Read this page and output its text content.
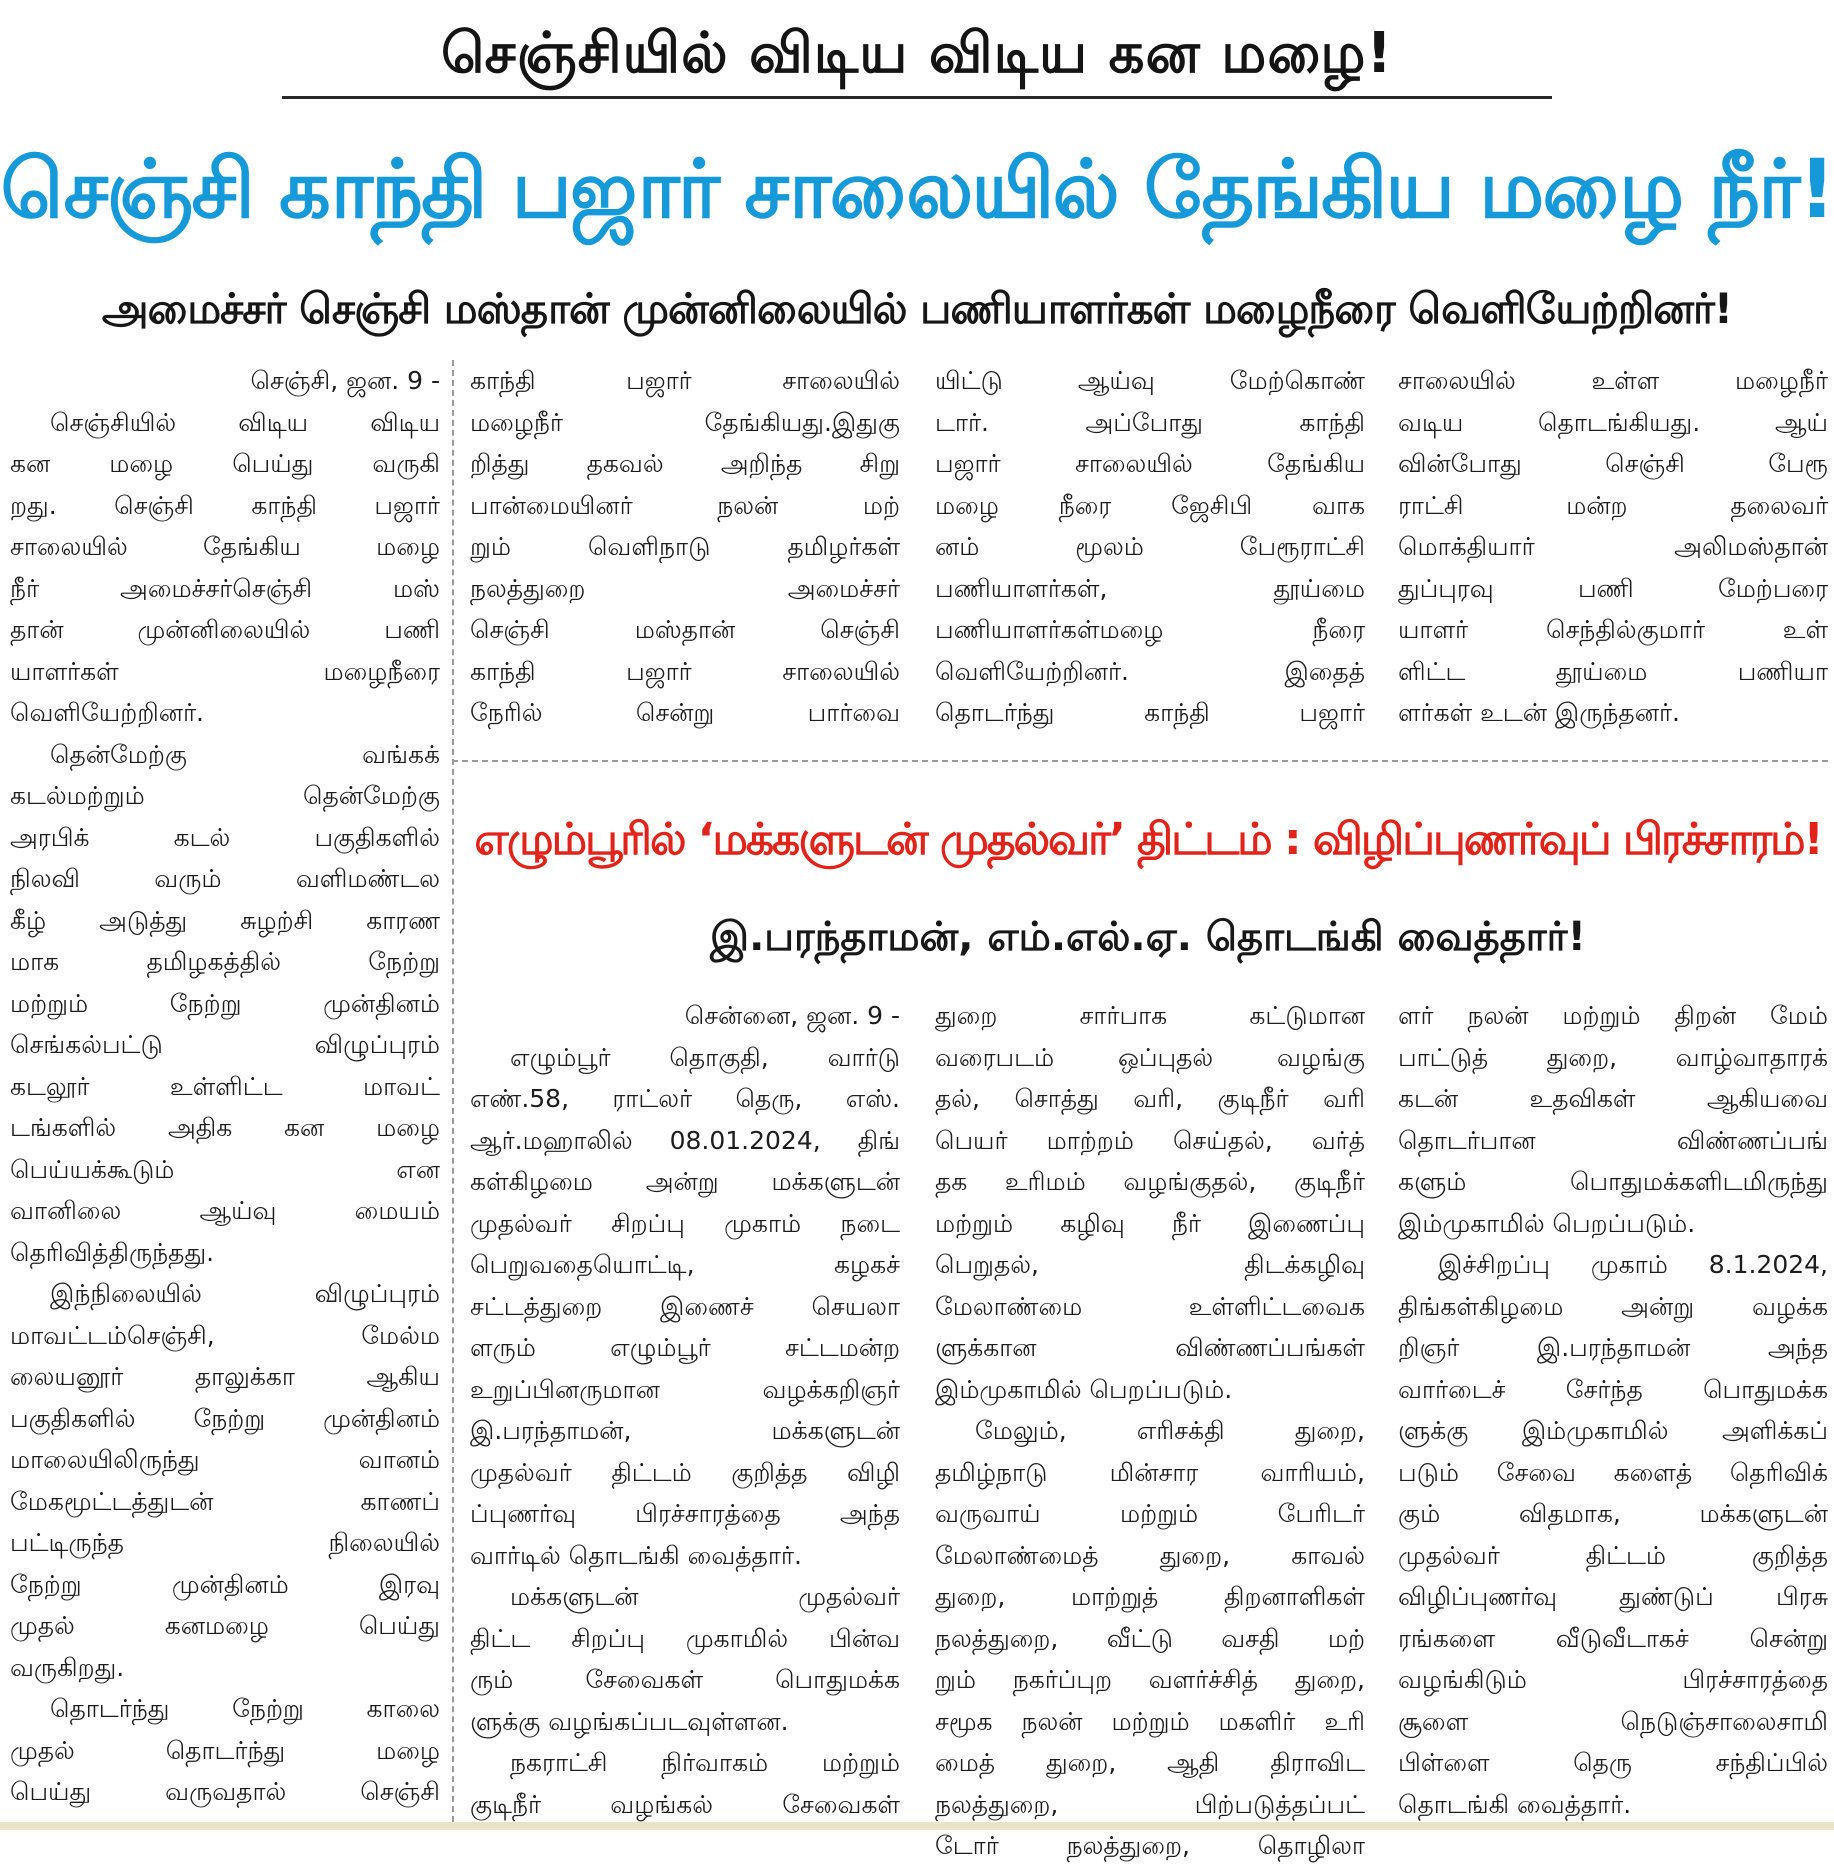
செஞ்சியில் விடிய விடிய கன மழை!
செஞ்சி காந்தி பஜார் சாலையில் தேங்கிய மழை நீர்!
அமைச்சர் செஞ்சி மஸ்தான் முன்னிலையில் பணியாளர்கள் மழைநீரை வெளியேற்றினர்!
செஞ்சி, ஜன. 9 -
செஞ்சியில் விடிய விடிய
கன மழை பெய்து வருகி
றது. செஞ்சி காந்தி பஜார்
சாலையில் தேங்கிய மழை
நீர் அமைச்சர்செஞ்சி மஸ்
தான் முன்னிலையில் பணி
யாளர்கள் மழைநீரை
வெளியேற்றினர்.
தென்மேற்கு வங்கக்
கடல்மற்றும் தென்மேற்கு
அரபிக் கடல் பகுதிகளில்
நிலவி வரும் வளிமண்டல
கீழ் அடுத்து சுழற்சி காரண
மாக தமிழகத்தில் நேற்று
மற்றும் நேற்று முன்தினம்
செங்கல்பட்டு விழுப்புரம்
கடலூர் உள்ளிட்ட மாவட்
டங்களில் அதிக கன மழை
பெய்யக்கூடும் என
வானிலை ஆய்வு மையம்
தெரிவித்திருந்தது.
இந்நிலையில் விழுப்புரம்
மாவட்டம்செஞ்சி, மேல்ம
லையனூர் தாலுக்கா ஆகிய
பகுதிகளில் நேற்று முன்தினம்
மாலையிலிருந்து வானம்
மேகமூட்டத்துடன் காணப்
பட்டிருந்த நிலையில்
நேற்று முன்தினம் இரவு
முதல் கனமழை பெய்து
வருகிறது.
தொடர்ந்து நேற்று காலை
முதல் தொடர்ந்து மழை
பெய்து வருவதால் செஞ்சி
காந்தி பஜார் சாலையில்
மழைநீர் தேங்கியது.இதுகு
றித்து தகவல் அறிந்த சிறு
பான்மையினர் நலன் மற்
றும் வெளிநாடு தமிழர்கள்
நலத்துறை அமைச்சர்
செஞ்சி மஸ்தான் செஞ்சி
காந்தி பஜார் சாலையில்
நேரில் சென்று பார்வை
யிட்டு ஆய்வு மேற்கொண்
டார். அப்போது காந்தி
பஜார் சாலையில் தேங்கிய
மழை நீரை ஜேசிபி வாக
னம் மூலம் பேரூராட்சி
பணியாளர்கள், தூய்மை
பணியாளர்கள்மழை நீரை
வெளியேற்றினர். இதைத்
தொடர்ந்து காந்தி பஜார்
சாலையில் உள்ள மழைநீர்
வடிய தொடங்கியது. ஆய்
வின்போது செஞ்சி பேரூ
ராட்சி மன்ற தலைவர்
மொக்தியார் அலிமஸ்தான்
துப்புரவு பணி மேற்பரை
யாளர் செந்தில்குமார் உள்
ளிட்ட தூய்மை பணியா
ளர்கள் உடன் இருந்தனர்.
எழும்பூரில் ‘மக்களுடன் முதல்வர்’ திட்டம் : விழிப்புணர்வுப் பிரச்சாரம்!
இ.பரந்தாமன், எம்.எல்.ஏ. தொடங்கி வைத்தார்!
சென்னை, ஜன. 9 -
எழும்பூர் தொகுதி, வார்டு
எண்.58, ராட்லர் தெரு, எஸ்.
ஆர்.மஹாலில் 08.01.2024, திங்
கள்கிழமை அன்று மக்களுடன்
முதல்வர் சிறப்பு முகாம் நடை
பெறுவதையொட்டி, கழகச்
சட்டத்துறை இணைச் செயலா
ளரும் எழும்பூர் சட்டமன்ற
உறுப்பினருமான வழக்கறிஞர்
இ.பரந்தாமன், மக்களுடன்
முதல்வர் திட்டம் குறித்த விழி
ப்புணர்வு பிரச்சாரத்தை அந்த
வார்டில் தொடங்கி வைத்தார்.
மக்களுடன் முதல்வர்
திட்ட சிறப்பு முகாமில் பின்வ
ரும் சேவைகள் பொதுமக்க
ளுக்கு வழங்கப்படவுள்ளன.
நகராட்சி நிர்வாகம் மற்றும்
குடிநீர் வழங்கல் சேவைகள்
துறை சார்பாக கட்டுமான
வரைபடம் ஒப்புதல் வழங்கு
தல், சொத்து வரி, குடிநீர் வரி
பெயர் மாற்றம் செய்தல், வர்த்
தக உரிமம் வழங்குதல், குடிநீர்
மற்றும் கழிவு நீர் இணைப்பு
பெறுதல், திடக்கழிவு
மேலாண்மை உள்ளிட்டவைக
ளுக்கான விண்ணப்பங்கள்
இம்முகாமில் பெறப்படும்.
மேலும், எரிசக்தி துறை,
தமிழ்நாடு மின்சார வாரியம்,
வருவாய் மற்றும் பேரிடர்
மேலாண்மைத் துறை, காவல்
துறை, மாற்றுத் திறனாளிகள்
நலத்துறை, வீட்டு வசதி மற்
றும் நகர்ப்புற வளர்ச்சித் துறை,
சமூக நலன் மற்றும் மகளிர் உரி
மைத் துறை, ஆதி திராவிட
நலத்துறை, பிற்படுத்தப்பட்
டோர் நலத்துறை, தொழிலா
ளர் நலன் மற்றும் திறன் மேம்
பாட்டுத் துறை, வாழ்வாதாரக்
கடன் உதவிகள் ஆகியவை
தொடர்பான விண்ணப்பங்
களும் பொதுமக்களிடமிருந்து
இம்முகாமில் பெறப்படும்.
இச்சிறப்பு முகாம் 8.1.2024,
திங்கள்கிழமை அன்று வழக்க
றிஞர் இ.பரந்தாமன் அந்த
வார்டைச் சேர்ந்த பொதுமக்க
ளுக்கு இம்முகாமில் அளிக்கப்
படும் சேவை களைத் தெரிவிக்
கும் விதமாக, மக்களுடன்
முதல்வர் திட்டம் குறித்த
விழிப்புணர்வு துண்டுப் பிரசு
ரங்களை வீடுவீடாகச் சென்று
வழங்கிடும் பிரச்சாரத்தை
சூளை நெடுஞ்சாலைசாமி
பிள்ளை தெரு சந்திப்பில்
தொடங்கி வைத்தார்.
